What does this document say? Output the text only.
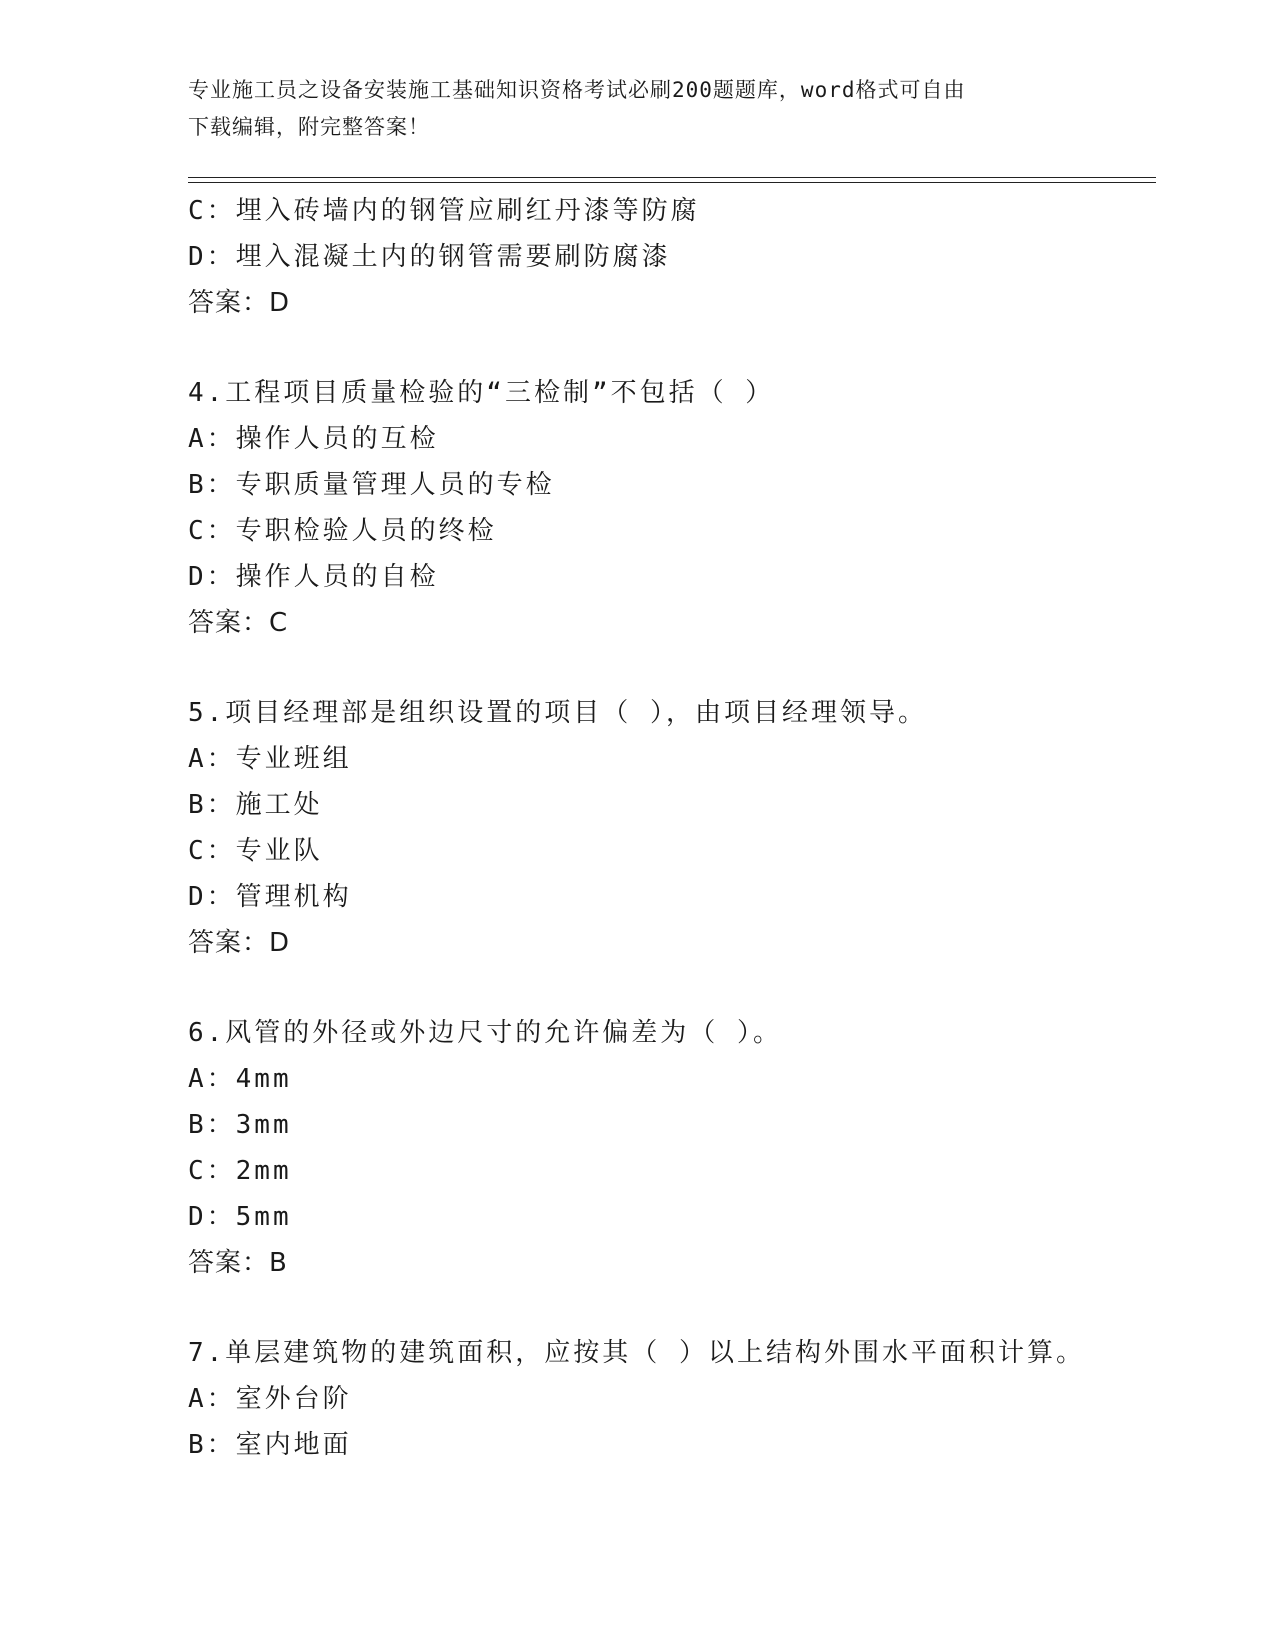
专业施工员之设备安装施工基础知识资格考试必刷200题题库，word格式可自由
下载编辑，附完整答案！
C：埋入砖墙内的钢管应刷红丹漆等防腐
D：埋入混凝土内的钢管需要刷防腐漆
答案：D
4.工程项目质量检验的“三检制”不包括（ ）
A：操作人员的互检
B：专职质量管理人员的专检
C：专职检验人员的终检
D：操作人员的自检
答案：C
5.项目经理部是组织设置的项目（ ），由项目经理领导。
A：专业班组
B：施工处
C：专业队
D：管理机构
答案：D
6.风管的外径或外边尺寸的允许偏差为（ ）。
A：4mm
B：3mm
C：2mm
D：5mm
答案：B
7.单层建筑物的建筑面积，应按其（ ）以上结构外围水平面积计算。
A：室外台阶
B：室内地面
